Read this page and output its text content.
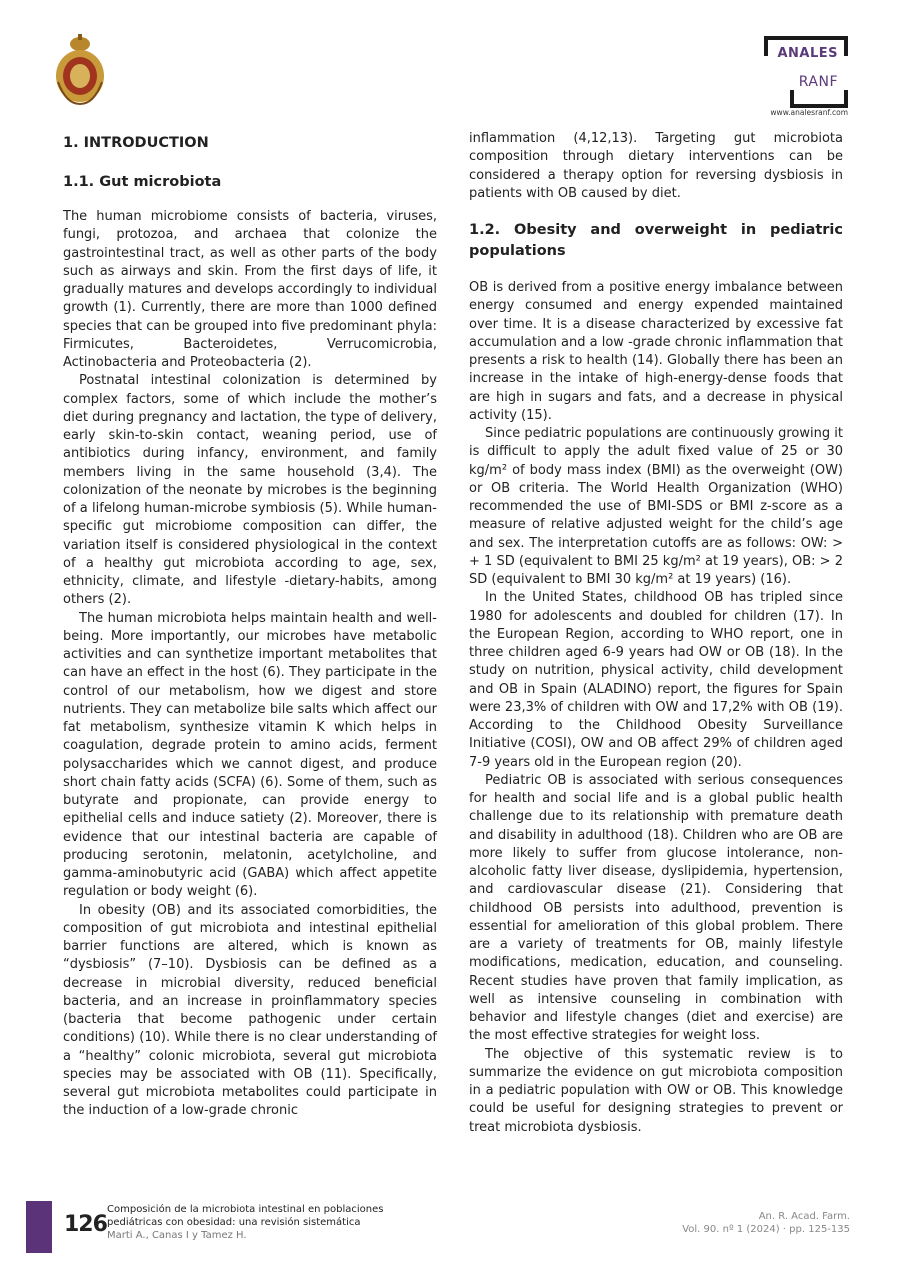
ANALES
RANF
www.analesranf.com
1. INTRODUCTION
1.1. Gut microbiota

The human microbiome consists of bacteria, viruses, fungi, protozoa, and archaea that colonize the gastrointestinal tract, as well as other parts of the body such as airways and skin. From the first days of life, it gradually matures and develops accordingly to individual growth (1). Currently, there are more than 1000 defined species that can be grouped into five predominant phyla: Firmicutes, Bacteroidetes, Verrucomicrobia, Actinobacteria and Proteobacteria (2).

Postnatal intestinal colonization is determined by complex factors, some of which include the mother’s diet during pregnancy and lactation, the type of delivery, early skin-to-skin contact, weaning period, use of antibiotics during infancy, environment, and family members living in the same household (3,4). The colonization of the neonate by microbes is the beginning of a lifelong human-microbe symbiosis (5). While human-specific gut microbiome composition can differ, the variation itself is considered physiological in the context of a healthy gut microbiota according to age, sex, ethnicity, climate, and lifestyle -dietary-habits, among others (2).

The human microbiota helps maintain health and well-being. More importantly, our microbes have metabolic activities and can synthetize important metabolites that can have an effect in the host (6). They participate in the control of our metabolism, how we digest and store nutrients. They can metabolize bile salts which affect our fat metabolism, synthesize vitamin K which helps in coagulation, degrade protein to amino acids, ferment polysaccharides which we cannot digest, and produce short chain fatty acids (SCFA) (6). Some of them, such as butyrate and propionate, can provide energy to epithelial cells and induce satiety (2). Moreover, there is evidence that our intestinal bacteria are capable of producing serotonin, melatonin, acetylcholine, and gamma-aminobutyric acid (GABA) which affect appetite regulation or body weight (6).

In obesity (OB) and its associated comorbidities, the composition of gut microbiota and intestinal epithelial barrier functions are altered, which is known as “dysbiosis” (7–10). Dysbiosis can be defined as a decrease in microbial diversity, reduced beneficial bacteria, and an increase in proinflammatory species (bacteria that become pathogenic under certain conditions) (10). While there is no clear understanding of a “healthy” colonic microbiota, several gut microbiota species may be associated with OB (11). Specifically, several gut microbiota metabolites could participate in the induction of a low-grade chronic

inflammation (4,12,13). Targeting gut microbiota composition through dietary interventions can be considered a therapy option for reversing dysbiosis in patients with OB caused by diet.

1.2. Obesity and overweight in pediatric populations

OB is derived from a positive energy imbalance between energy consumed and energy expended maintained over time. It is a disease characterized by excessive fat accumulation and a low -grade chronic inflammation that presents a risk to health (14). Globally there has been an increase in the intake of high-energy-dense foods that are high in sugars and fats, and a decrease in physical activity (15).

Since pediatric populations are continuously growing it is difficult to apply the adult fixed value of 25 or 30 kg/m² of body mass index (BMI) as the overweight (OW) or OB criteria. The World Health Organization (WHO) recommended the use of BMI-SDS or BMI z-score as a measure of relative adjusted weight for the child’s age and sex. The interpretation cutoffs are as follows: OW: > + 1 SD (equivalent to BMI 25 kg/m² at 19 years), OB: > 2 SD (equivalent to BMI 30 kg/m² at 19 years) (16).

In the United States, childhood OB has tripled since 1980 for adolescents and doubled for children (17). In the European Region, according to WHO report, one in three children aged 6-9 years had OW or OB (18). In the study on nutrition, physical activity, child development and OB in Spain (ALADINO) report, the figures for Spain were 23,3% of children with OW and 17,2% with OB (19). According to the Childhood Obesity Surveillance Initiative (COSI), OW and OB affect 29% of children aged 7-9 years old in the European region (20).

Pediatric OB is associated with serious consequences for health and social life and is a global public health challenge due to its relationship with premature death and disability in adulthood (18). Children who are OB are more likely to suffer from glucose intolerance, non-alcoholic fatty liver disease, dyslipidemia, hypertension, and cardiovascular disease (21). Considering that childhood OB persists into adulthood, prevention is essential for amelioration of this global problem. There are a variety of treatments for OB, mainly lifestyle modifications, medication, education, and counseling. Recent studies have proven that family implication, as well as intensive counseling in combination with behavior and lifestyle changes (diet and exercise) are the most effective strategies for weight loss.

The objective of this systematic review is to summarize the evidence on gut microbiota composition in a pediatric population with OW or OB. This knowledge could be useful for designing strategies to prevent or treat microbiota dysbiosis.

126
Composición de la microbiota intestinal en poblaciones pediátricas con obesidad: una revisión sistemática
Marti A., Canas I y Tamez H.
An. R. Acad. Farm.
Vol. 90. nº 1 (2024) · pp. 125-135
